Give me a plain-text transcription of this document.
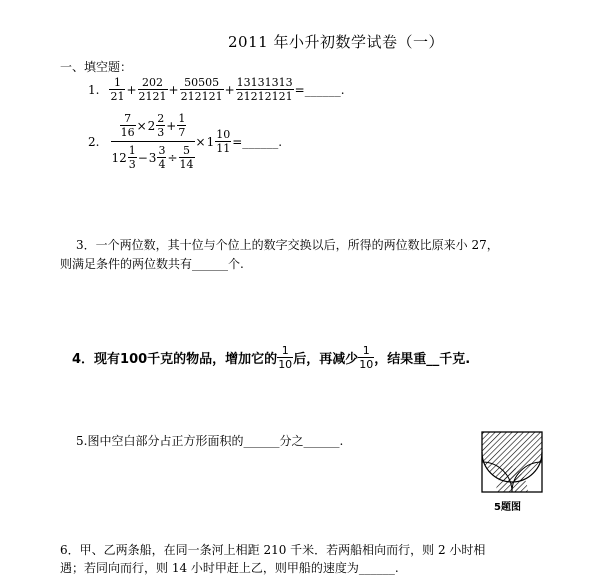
2011 年小升初数学试卷（一）
一、填空题：
1. $\frac{1}{21} + \frac{202}{2121} + \frac{50505}{212121} + \frac{13131313}{21212121}$ =______.
2. $\frac{\frac{7}{16} \times 2 \frac{2}{3} + \frac{1}{7}}{12 \frac{1}{3} - 3 \frac{3}{4} \div \frac{5}{14}} \times 1 \frac{10}{11}$ =______.
3．一个两位数，其十位与个位上的数字交换以后，所得的两位数比原来小 27，
则满足条件的两位数共有______个.
4．现有100千克的物品，增加它的 $\frac{1}{10}$ 后，再减少 $\frac{1}{10}$ ，结果重__千克.
5.图中空白部分占正方形面积的______分之______.
5题图
6．甲、乙两条船，在同一条河上相距 210 千米．若两船相向而行，则 2 小时相
遇；若同向而行，则 14 小时甲赶上乙，则甲船的速度为______.
